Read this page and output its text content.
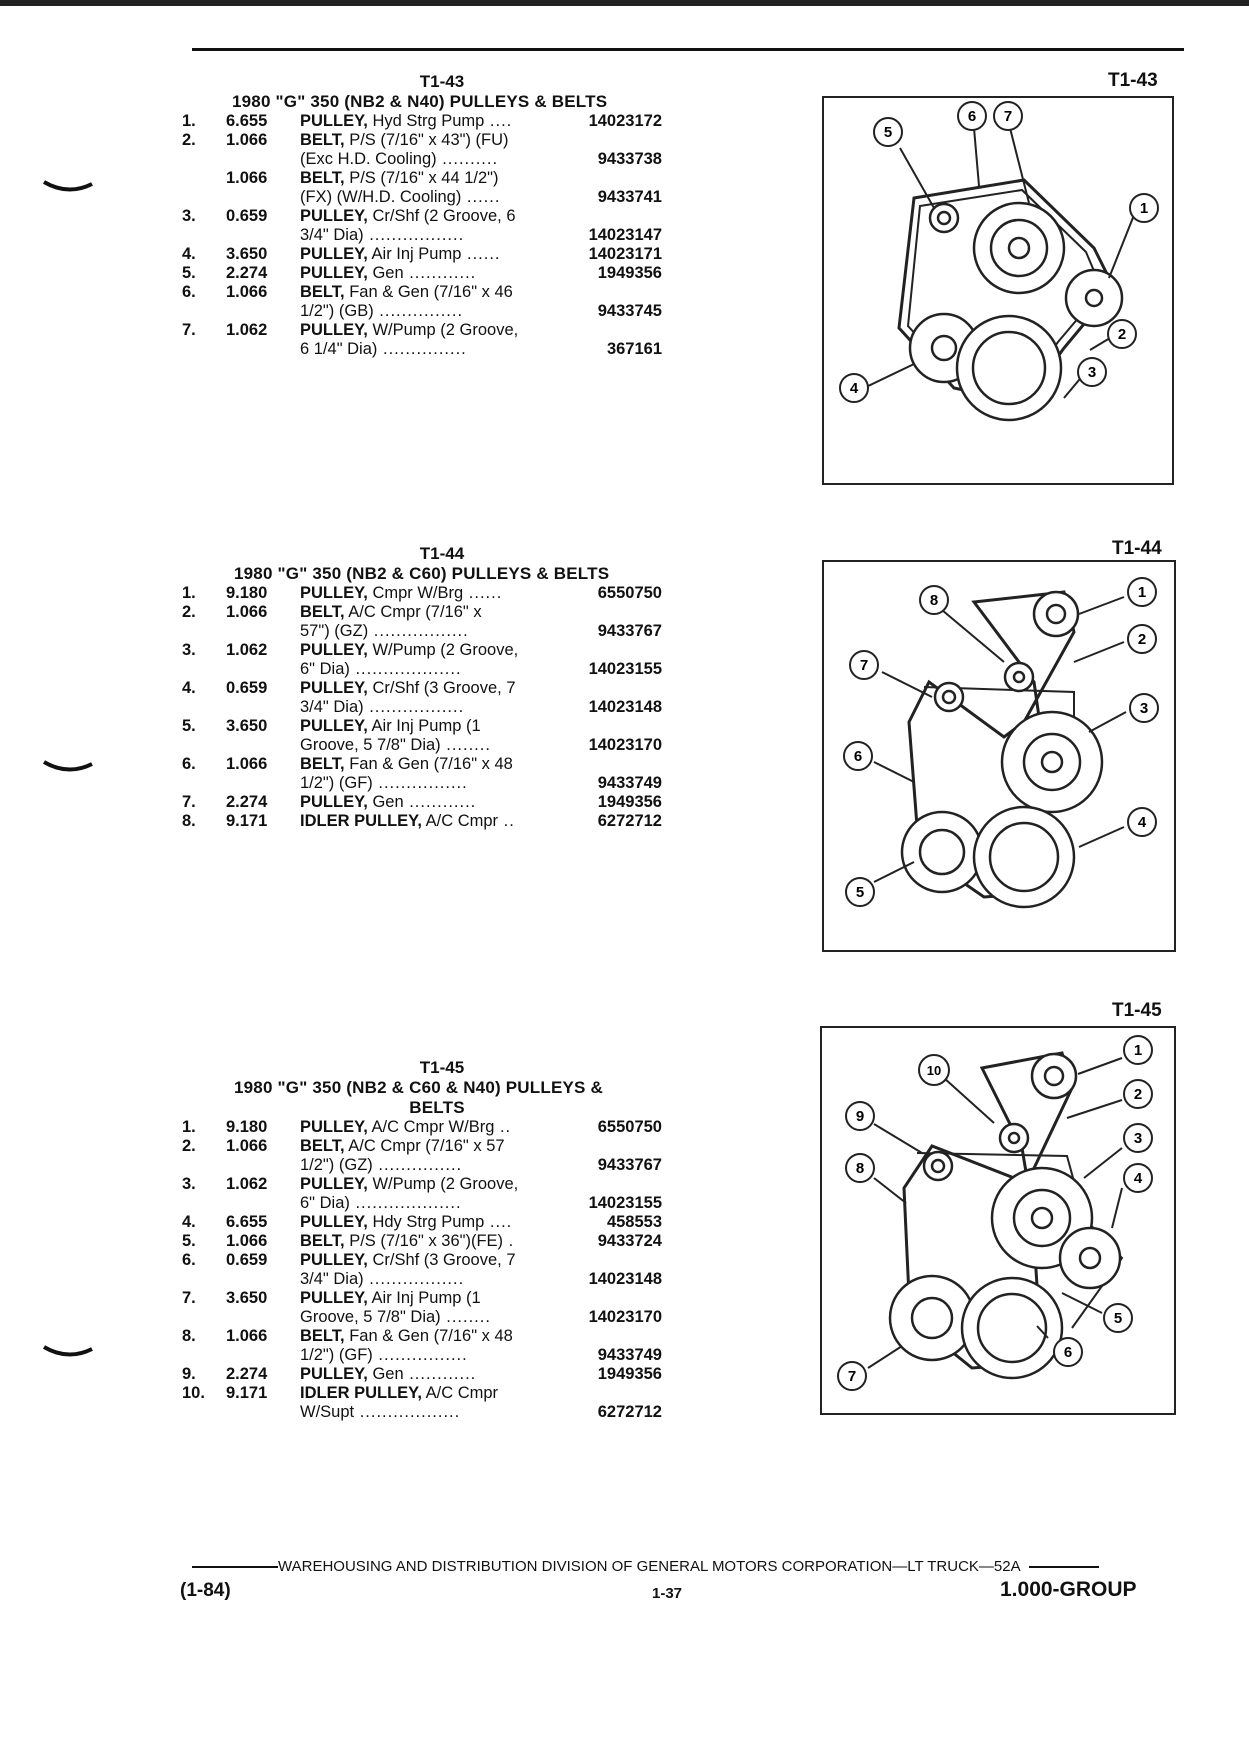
T1-43
1980 "G" 350 (NB2 & N40) PULLEYS & BELTS
1.	6.655	PULLEY, Hyd Strg Pump ....	14023172
2.	1.066	BELT, P/S (7/16" x 43") (FU)
(Exc H.D. Cooling) ..........	9433738
1.066	BELT, P/S (7/16" x 44 1/2")
(FX) (W/H.D. Cooling) ......	9433741
3.	0.659	PULLEY, Cr/Shf (2 Groove, 6
3/4" Dia) .................	14023147
4.	3.650	PULLEY, Air Inj Pump ......	14023171
5.	2.274	PULLEY, Gen ............	1949356
6.	1.066	BELT, Fan & Gen (7/16" x 46
1/2") (GB) ...............	9433745
7.	1.062	PULLEY, W/Pump (2 Groove,
6 1/4" Dia) ...............	367161
T1-44
1980 "G" 350 (NB2 & C60) PULLEYS & BELTS
1.	9.180	PULLEY, Cmpr W/Brg ......	6550750
2.	1.066	BELT, A/C Cmpr (7/16" x
57") (GZ) .................	9433767
3.	1.062	PULLEY, W/Pump (2 Groove,
6" Dia) ...................	14023155
4.	0.659	PULLEY, Cr/Shf (3 Groove, 7
3/4" Dia) .................	14023148
5.	3.650	PULLEY, Air Inj Pump (1
Groove, 5 7/8" Dia) ........	14023170
6.	1.066	BELT, Fan & Gen (7/16" x 48
1/2") (GF) ................	9433749
7.	2.274	PULLEY, Gen ............	1949356
8.	9.171	IDLER PULLEY, A/C Cmpr ..	6272712
T1-45
1980 "G" 350 (NB2 & C60 & N40) PULLEYS &
BELTS
1.	9.180	PULLEY, A/C Cmpr W/Brg ..	6550750
2.	1.066	BELT, A/C Cmpr (7/16" x 57
1/2") (GZ) ...............	9433767
3.	1.062	PULLEY, W/Pump (2 Groove,
6" Dia) ...................	14023155
4.	6.655	PULLEY, Hdy Strg Pump ....	458553
5.	1.066	BELT, P/S (7/16" x 36")(FE) .	9433724
6.	0.659	PULLEY, Cr/Shf (3 Groove, 7
3/4" Dia) .................	14023148
7.	3.650	PULLEY, Air Inj Pump (1
Groove, 5 7/8" Dia) ........	14023170
8.	1.066	BELT, Fan & Gen (7/16" x 48
1/2") (GF) ................	9433749
9.	2.274	PULLEY, Gen ............	1949356
10.	9.171	IDLER PULLEY, A/C Cmpr
W/Supt ..................	6272712
T1-43
T1-44
T1-45
5
6 7
1
2
3
4
8	1
2
7
3
6
4
5
10
1
2
9
3
8
4
5
6
7
WAREHOUSING AND DISTRIBUTION DIVISION OF GENERAL MOTORS CORPORATION—LT TRUCK—52A
(1-84)	1-37	1.000-GROUP
